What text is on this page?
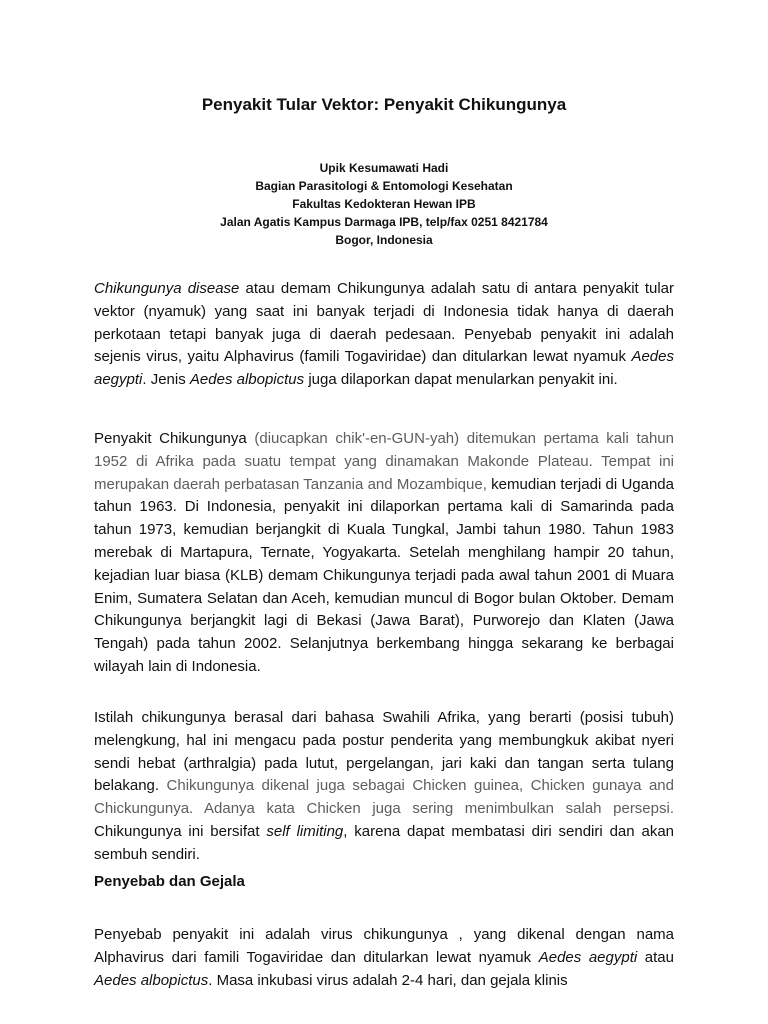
Penyakit Tular Vektor: Penyakit Chikungunya
Upik Kesumawati Hadi
Bagian Parasitologi & Entomologi Kesehatan
Fakultas Kedokteran Hewan IPB
Jalan Agatis Kampus Darmaga IPB, telp/fax 0251 8421784
Bogor, Indonesia

Chikungunya disease atau demam Chikungunya adalah satu di antara penyakit tular vektor (nyamuk) yang saat ini banyak terjadi di Indonesia tidak hanya di daerah perkotaan tetapi banyak juga di daerah pedesaan. Penyebab penyakit ini adalah sejenis virus, yaitu Alphavirus (famili Togaviridae) dan ditularkan lewat nyamuk Aedes aegypti. Jenis Aedes albopictus juga dilaporkan dapat menularkan penyakit ini.

Penyakit Chikungunya (diucapkan chik'-en-GUN-yah) ditemukan pertama kali tahun 1952 di Afrika pada suatu tempat yang dinamakan Makonde Plateau. Tempat ini merupakan daerah perbatasan Tanzania and Mozambique, kemudian terjadi di Uganda tahun 1963. Di Indonesia, penyakit ini dilaporkan pertama kali di Samarinda pada tahun 1973, kemudian berjangkit di Kuala Tungkal, Jambi tahun 1980. Tahun 1983 merebak di Martapura, Ternate, Yogyakarta. Setelah menghilang hampir 20 tahun, kejadian luar biasa (KLB) demam Chikungunya terjadi pada awal tahun 2001 di Muara Enim, Sumatera Selatan dan Aceh, kemudian muncul di Bogor bulan Oktober. Demam Chikungunya berjangkit lagi di Bekasi (Jawa Barat), Purworejo dan Klaten (Jawa Tengah) pada tahun 2002. Selanjutnya berkembang hingga sekarang ke berbagai wilayah lain di Indonesia.

Istilah chikungunya berasal dari bahasa Swahili Afrika, yang berarti (posisi tubuh) melengkung, hal ini mengacu pada postur penderita yang membungkuk akibat nyeri sendi hebat (arthralgia) pada lutut, pergelangan, jari kaki dan tangan serta tulang belakang. Chikungunya dikenal juga sebagai Chicken guinea, Chicken gunaya and Chickungunya. Adanya kata Chicken juga sering menimbulkan salah persepsi. Chikungunya ini bersifat self limiting, karena dapat membatasi diri sendiri dan akan sembuh sendiri.

Penyebab dan Gejala

Penyebab penyakit ini adalah virus chikungunya , yang dikenal dengan nama Alphavirus dari famili Togaviridae dan ditularkan lewat nyamuk Aedes aegypti atau Aedes albopictus. Masa inkubasi virus adalah 2-4 hari, dan gejala klinis
